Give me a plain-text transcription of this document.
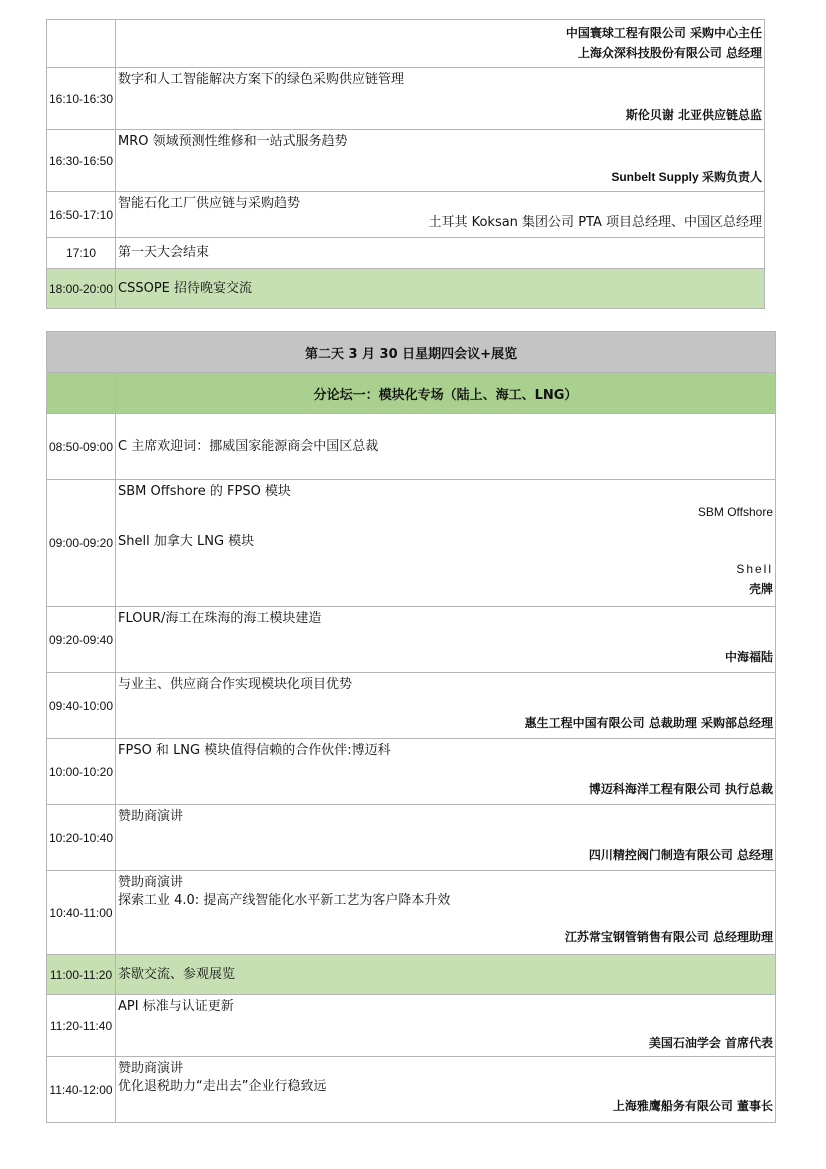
	中国寰球工程有限公司 采购中心主任
上海众深科技股份有限公司 总经理

16:10-16:30	数字和人工智能解决方案下的绿色采购供应链管理
斯伦贝谢 北亚供应链总监

16:30-16:50	MRO 领域预测性维修和一站式服务趋势
Sunbelt Supply 采购负责人

16:50-17:10	智能石化工厂供应链与采购趋势
土耳其 Koksan 集团公司 PTA 项目总经理、中国区总经理

17:10	第一天大会结束

18:00-20:00	CSSOPE 招待晚宴交流
第二天 3 月 30 日星期四会议+展览	
	分论坛一：模块化专场（陆上、海工、LNG）
08:50-09:00	C 主席欢迎词：挪威国家能源商会中国区总裁

09:00-09:20	SBM Offshore 的 FPSO 模块
SBM Offshore
Shell 加拿大 LNG 模块
Shell
壳牌

09:20-09:40	FLOUR/海工在珠海的海工模块建造
中海福陆

09:40-10:00	与业主、供应商合作实现模块化项目优势
惠生工程中国有限公司 总裁助理 采购部总经理

10:00-10:20	FPSO 和 LNG 模块值得信赖的合作伙伴:博迈科
博迈科海洋工程有限公司 执行总裁

10:20-10:40	赞助商演讲
四川精控阀门制造有限公司 总经理

10:40-11:00	赞助商演讲
探索工业 4.0: 提高产线智能化水平新工艺为客户降本升效
江苏常宝钢管销售有限公司 总经理助理

11:00-11:20	茶歇交流、参观展览

11:20-11:40	API 标准与认证更新
美国石油学会 首席代表

11:40-12:00	赞助商演讲
优化退税助力“走出去”企业行稳致远
上海雅鹰船务有限公司 董事长
